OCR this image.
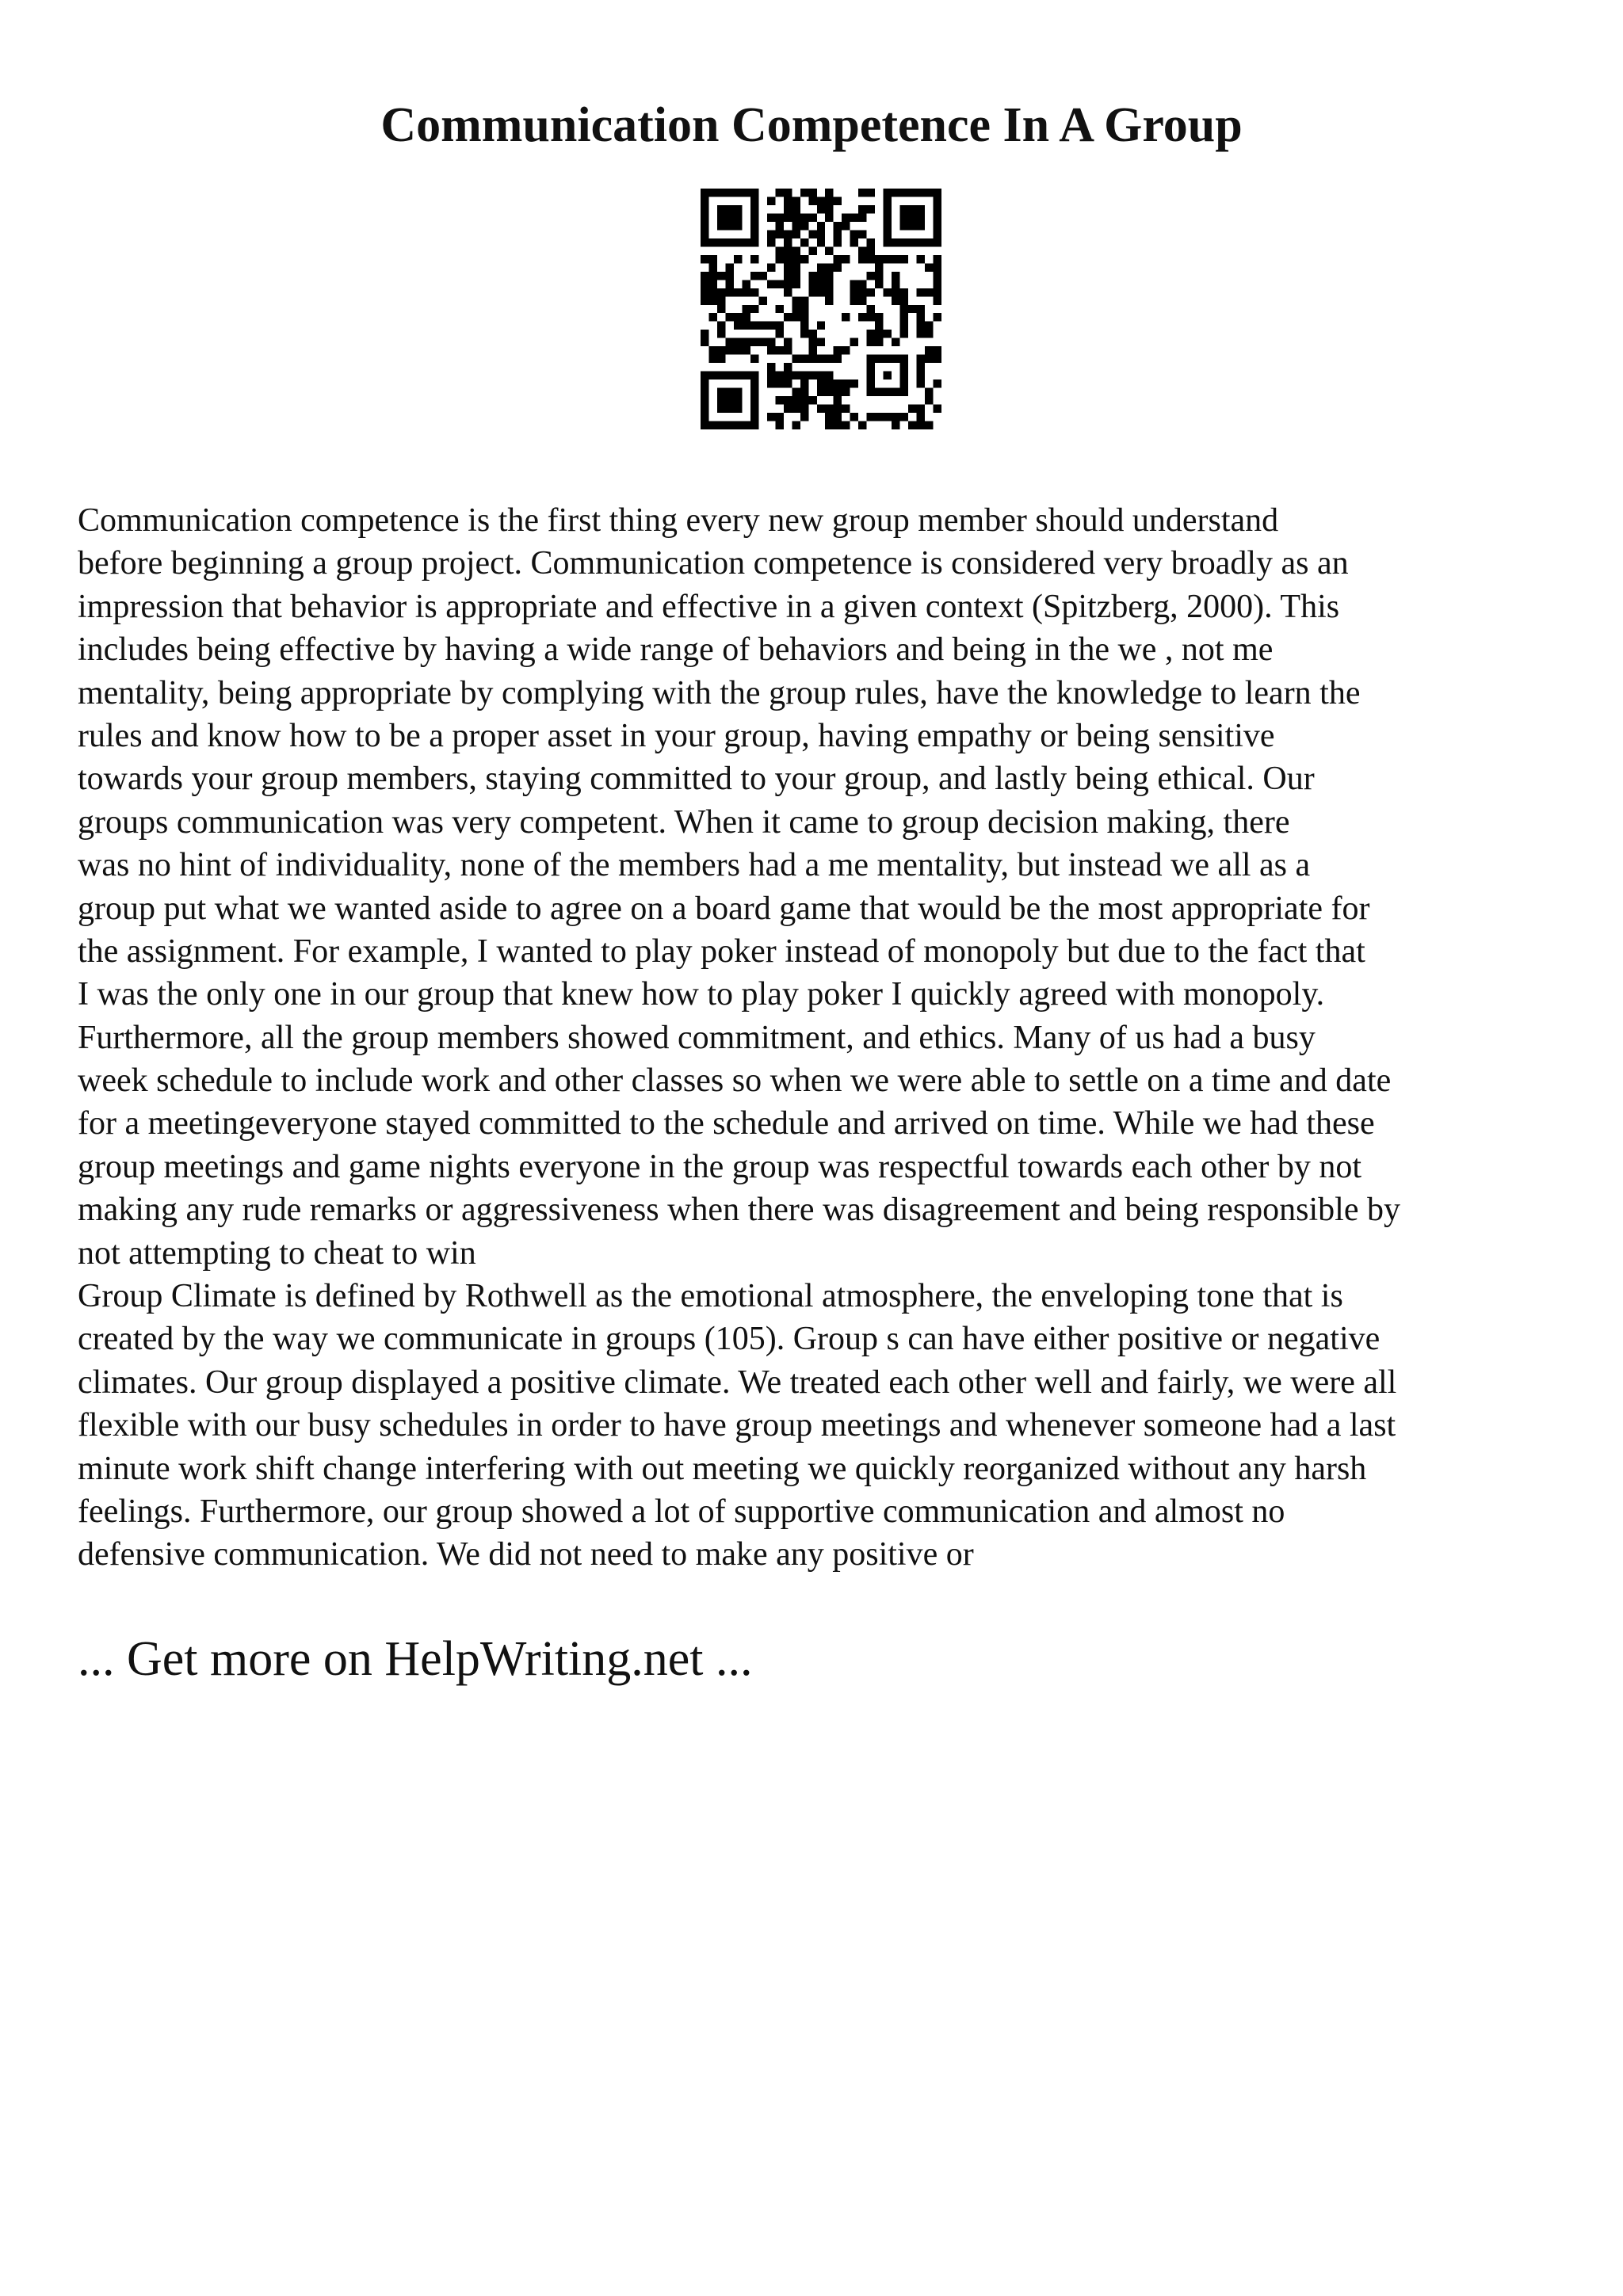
Communication Competence In A Group
Communication competence is the first thing every new group member should understand
before beginning a group project. Communication competence is considered very broadly as an
impression that behavior is appropriate and effective in a given context (Spitzberg, 2000). This
includes being effective by having a wide range of behaviors and being in the we , not me
mentality, being appropriate by complying with the group rules, have the knowledge to learn the
rules and know how to be a proper asset in your group, having empathy or being sensitive
towards your group members, staying committed to your group, and lastly being ethical. Our
groups communication was very competent. When it came to group decision making, there
was no hint of individuality, none of the members had a me mentality, but instead we all as a
group put what we wanted aside to agree on a board game that would be the most appropriate for
the assignment. For example, I wanted to play poker instead of monopoly but due to the fact that
I was the only one in our group that knew how to play poker I quickly agreed with monopoly.
Furthermore, all the group members showed commitment, and ethics. Many of us had a busy
week schedule to include work and other classes so when we were able to settle on a time and date
for a meetingeveryone stayed committed to the schedule and arrived on time. While we had these
group meetings and game nights everyone in the group was respectful towards each other by not
making any rude remarks or aggressiveness when there was disagreement and being responsible by
not attempting to cheat to win
Group Climate is defined by Rothwell as the emotional atmosphere, the enveloping tone that is
created by the way we communicate in groups (105). Group s can have either positive or negative
climates. Our group displayed a positive climate. We treated each other well and fairly, we were all
flexible with our busy schedules in order to have group meetings and whenever someone had a last
minute work shift change interfering with out meeting we quickly reorganized without any harsh
feelings. Furthermore, our group showed a lot of supportive communication and almost no
defensive communication. We did not need to make any positive or
... Get more on HelpWriting.net ...
